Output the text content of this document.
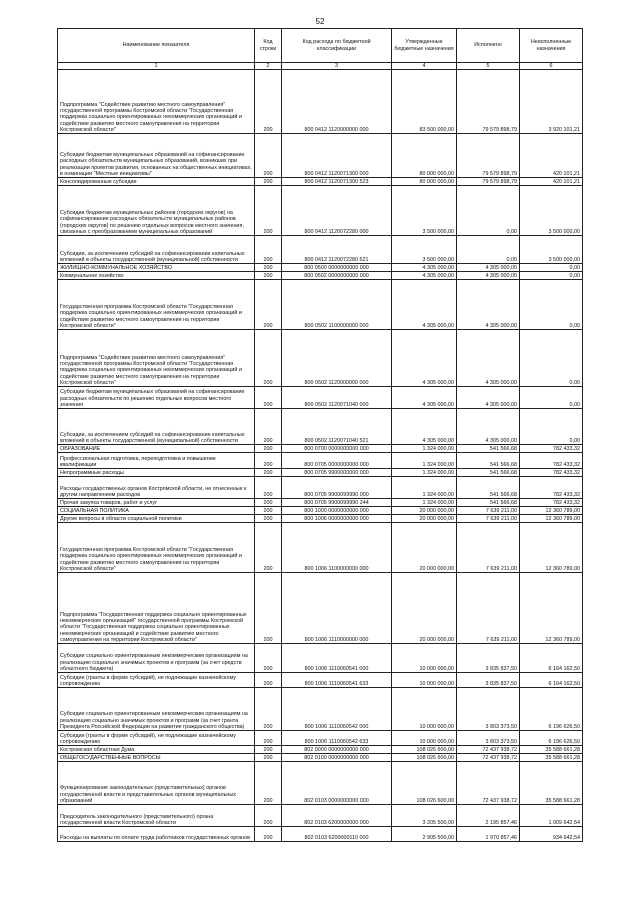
52
Наименование показателя	Код строки	Код расхода по бюджетной классификации	Утвержденные бюджетные назначения	Исполнено	Неисполненные назначения
1	2	3	4	5	6
Подпрограмма "Содействие развитию местного самоуправления" государственной программы Костромской области "Государственная поддержка социально ориентированных некоммерческих организаций и содействие развитию местного самоуправления на территории Костромской области"	200	800 0412 1120000000 000	83 500 000,00	79 579 898,79	3 920 101,21
Субсидии бюджетам муниципальных образований на софинансирование расходных обязательств муниципальных образований, возникших при реализации проектов развития, основанных на общественных инициативах, в номинации "Местные инициативы"	200	800 0412 1120071300 000	80 000 000,00	79 579 898,79	420 101,21
Консолидированные субсидии	200	800 0412 1120071300 523	80 000 000,00	79 579 898,79	420 101,21
Субсидии бюджетам муниципальных районов (городских округов) на софинансирование расходных обязательств муниципальных районов (городских округов) по решению отдельных вопросов местного значения, связанных с преобразованием муниципальных образований	200	800 0412 1120072280 000	3 500 000,00	0,00	3 500 000,00
Субсидии, за исключением субсидий на софинансирование капитальных вложений в объекты государственной (муниципальной) собственности	200	800 0412 1120072280 521	3 500 000,00	0,00	3 500 000,00
ЖИЛИЩНО-КОММУНАЛЬНОЕ ХОЗЯЙСТВО	200	800 0500 0000000000 000	4 305 000,00	4 305 000,00	0,00
Коммунальное хозяйство	200	800 0502 0000000000 000	4 305 000,00	4 305 000,00	0,00
Государственная программа Костромской области "Государственная поддержка социально ориентированных некоммерческих организаций и содействие развитию местного самоуправления на территории Костромской области"	200	800 0502 1100000000 000	4 305 000,00	4 305 000,00	0,00
Подпрограмма "Содействие развитию местного самоуправления" государственной программы Костромской области "Государственная поддержка социально ориентированных некоммерческих организаций и содействие развитию местного самоуправления на территории Костромской области"	200	800 0502 1120000000 000	4 305 000,00	4 305 000,00	0,00
Субсидии бюджетам муниципальных образований на софинансирование расходных обязательств по решению отдельных вопросов местного значения	200	800 0502 1120071040 000	4 305 000,00	4 305 000,00	0,00
Субсидии, за исключением субсидий на софинансирование капитальных вложений в объекты государственной (муниципальной) собственности	200	800 0502 1120071040 521	4 305 000,00	4 305 000,00	0,00
ОБРАЗОВАНИЕ	200	800 0700 0000000000 000	1 324 000,00	541 566,68	782 433,32
Профессиональная подготовка, переподготовка и повышение квалификации	200	800 0705 0000000000 000	1 324 000,00	541 566,68	782 433,32
Непрограммные расходы	200	800 0705 9900000000 000	1 324 000,00	541 566,68	782 433,32
Расходы государственных органов Костромской области, не отнесенные к другим направлениям расходов	200	800 0705 9900099990 000	1 324 000,00	541 566,68	782 433,32
Прочая закупка товаров, работ и услуг	200	800 0705 9900099990 244	1 324 000,00	541 566,68	782 433,32
СОЦИАЛЬНАЯ ПОЛИТИКА	200	800 1000 0000000000 000	20 000 000,00	7 639 211,00	12 360 789,00
Другие вопросы в области социальной политики	200	800 1006 0000000000 000	20 000 000,00	7 639 211,00	12 360 789,00
Государственная программа Костромской области "Государственная поддержка социально ориентированных некоммерческих организаций и содействие развитию местного самоуправления на территории Костромской области"	200	800 1006 1100000000 000	20 000 000,00	7 639 211,00	12 360 789,00
Подпрограмма "Государственная поддержка социально ориентированных некоммерческих организаций" государственной программы Костромской области "Государственная поддержка социально ориентированных некоммерческих организаций и содействие развитию местного самоуправления на территории Костромской области"	200	800 1006 1110000000 000	20 000 000,00	7 639 211,00	12 360 789,00
Субсидии социально ориентированным некоммерческим организациям на реализацию социально значимых проектов и программ (за счет средств областного бюджета)	200	800 1006 1110060541 000	10 000 000,00	3 835 837,50	6 164 162,50
Субсидии (гранты в форме субсидий), не подлежащие казначейскому сопровождению	200	800 1006 1110060541 633	10 000 000,00	3 835 837,50	6 164 162,50
Субсидии социально ориентированным некоммерческим организациям на реализацию социально значимых проектов и программ (за счет гранта Президента Российской Федерации на развитие гражданского общества)	200	800 1006 1110060542 000	10 000 000,00	3 803 373,50	6 196 626,50
Субсидии (гранты в форме субсидий), не подлежащие казначейскому сопровождению	200	800 1006 1110060542 633	10 000 000,00	3 803 373,50	6 196 626,50
Костромская областная Дума	200	802 0000 0000000000 000	108 026 600,00	72 437 938,72	35 588 661,28
ОБЩЕГОСУДАРСТВЕННЫЕ ВОПРОСЫ	200	802 0100 0000000000 000	108 026 600,00	72 437 938,72	35 588 661,28
Функционирование законодательных (представительных) органов государственной власти и представительных органов муниципальных образований	200	802 0103 0000000000 000	108 026 600,00	72 437 938,72	35 588 661,28
Председатель законодательного (представительного) органа государственной власти Костромской области	200	802 0103 6200000000 000	3 205 500,00	2 195 857,46	1 009 642,54
Расходы на выплаты по оплате труда работников государственных органов	200	802 0103 6200000110 000	2 905 500,00	1 970 857,46	934 642,54
